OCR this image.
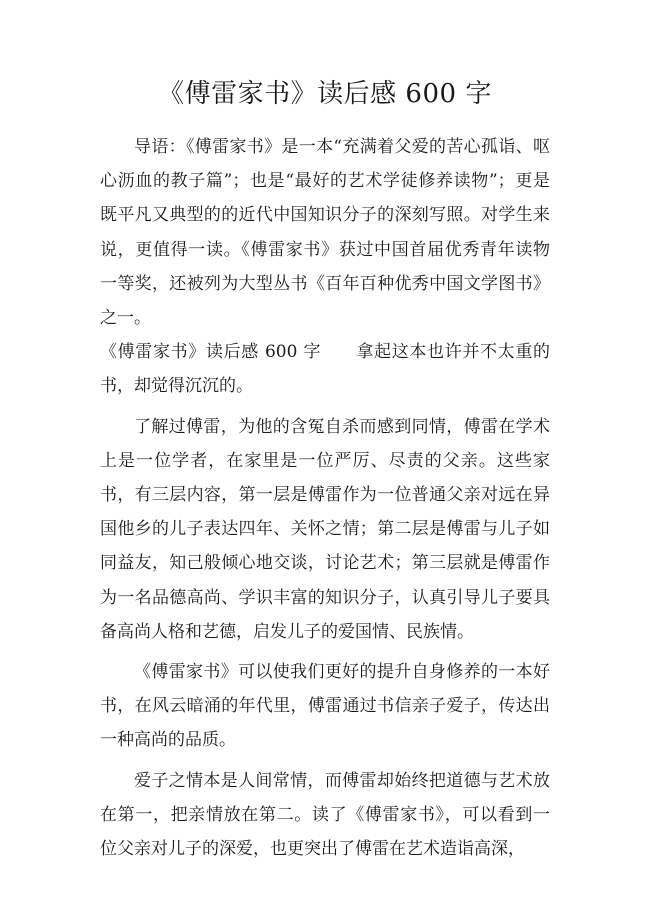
《傅雷家书》读后感 600 字

导语：《傅雷家书》是一本“充满着父爱的苦心孤诣、呕心沥血的教子篇”；也是“最好的艺术学徒修养读物”；更是既平凡又典型的的近代中国知识分子的深刻写照。对学生来说，更值得一读。《傅雷家书》获过中国首届优秀青年读物一等奖，还被列为大型丛书《百年百种优秀中国文学图书》之一。

《傅雷家书》读后感 600 字　　拿起这本也许并不太重的书，却觉得沉沉的。

了解过傅雷，为他的含冤自杀而感到同情，傅雷在学术上是一位学者，在家里是一位严厉、尽责的父亲。这些家书，有三层内容，第一层是傅雷作为一位普通父亲对远在异国他乡的儿子表达四年、关怀之情；第二层是傅雷与儿子如同益友，知己般倾心地交谈，讨论艺术；第三层就是傅雷作为一名品德高尚、学识丰富的知识分子，认真引导儿子要具备高尚人格和艺德，启发儿子的爱国情、民族情。

《傅雷家书》可以使我们更好的提升自身修养的一本好书，在风云暗涌的年代里，傅雷通过书信亲子爱子，传达出一种高尚的品质。

爱子之情本是人间常情，而傅雷却始终把道德与艺术放在第一，把亲情放在第二。读了《傅雷家书》，可以看到一位父亲对儿子的深爱，也更突出了傅雷在艺术造诣高深，
